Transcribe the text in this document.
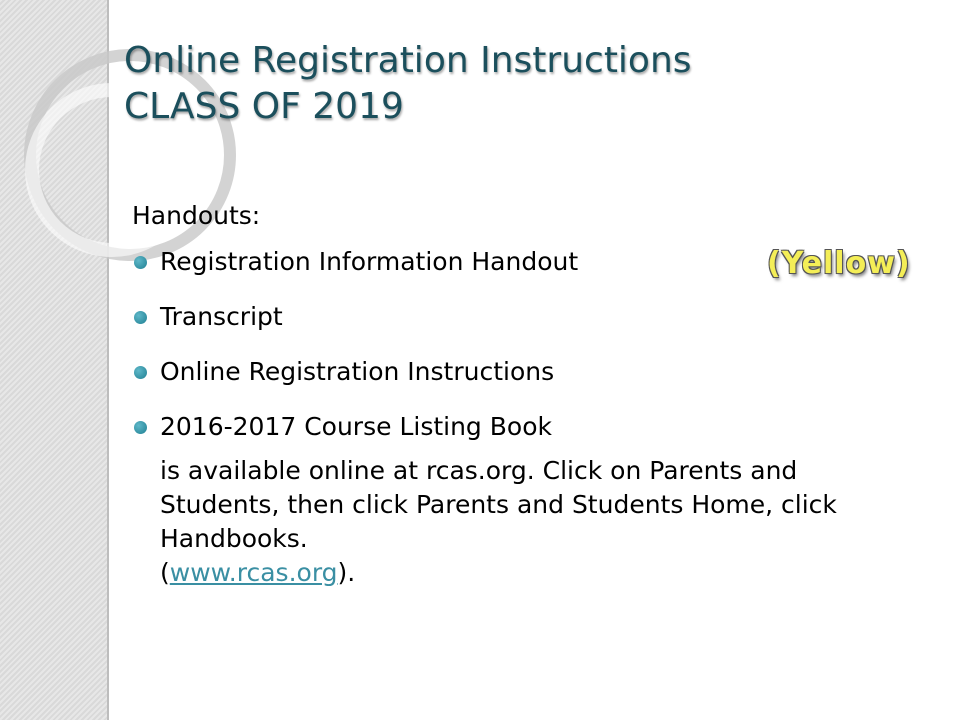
Online Registration Instructions
CLASS OF 2019

Handouts:

Registration Information Handout
Transcript
Online Registration Instructions
2016-2017 Course Listing Book

is available online at rcas.org. Click on Parents and Students, then click Parents and Students Home, click Handbooks.
(www.rcas.org).

(Yellow)
